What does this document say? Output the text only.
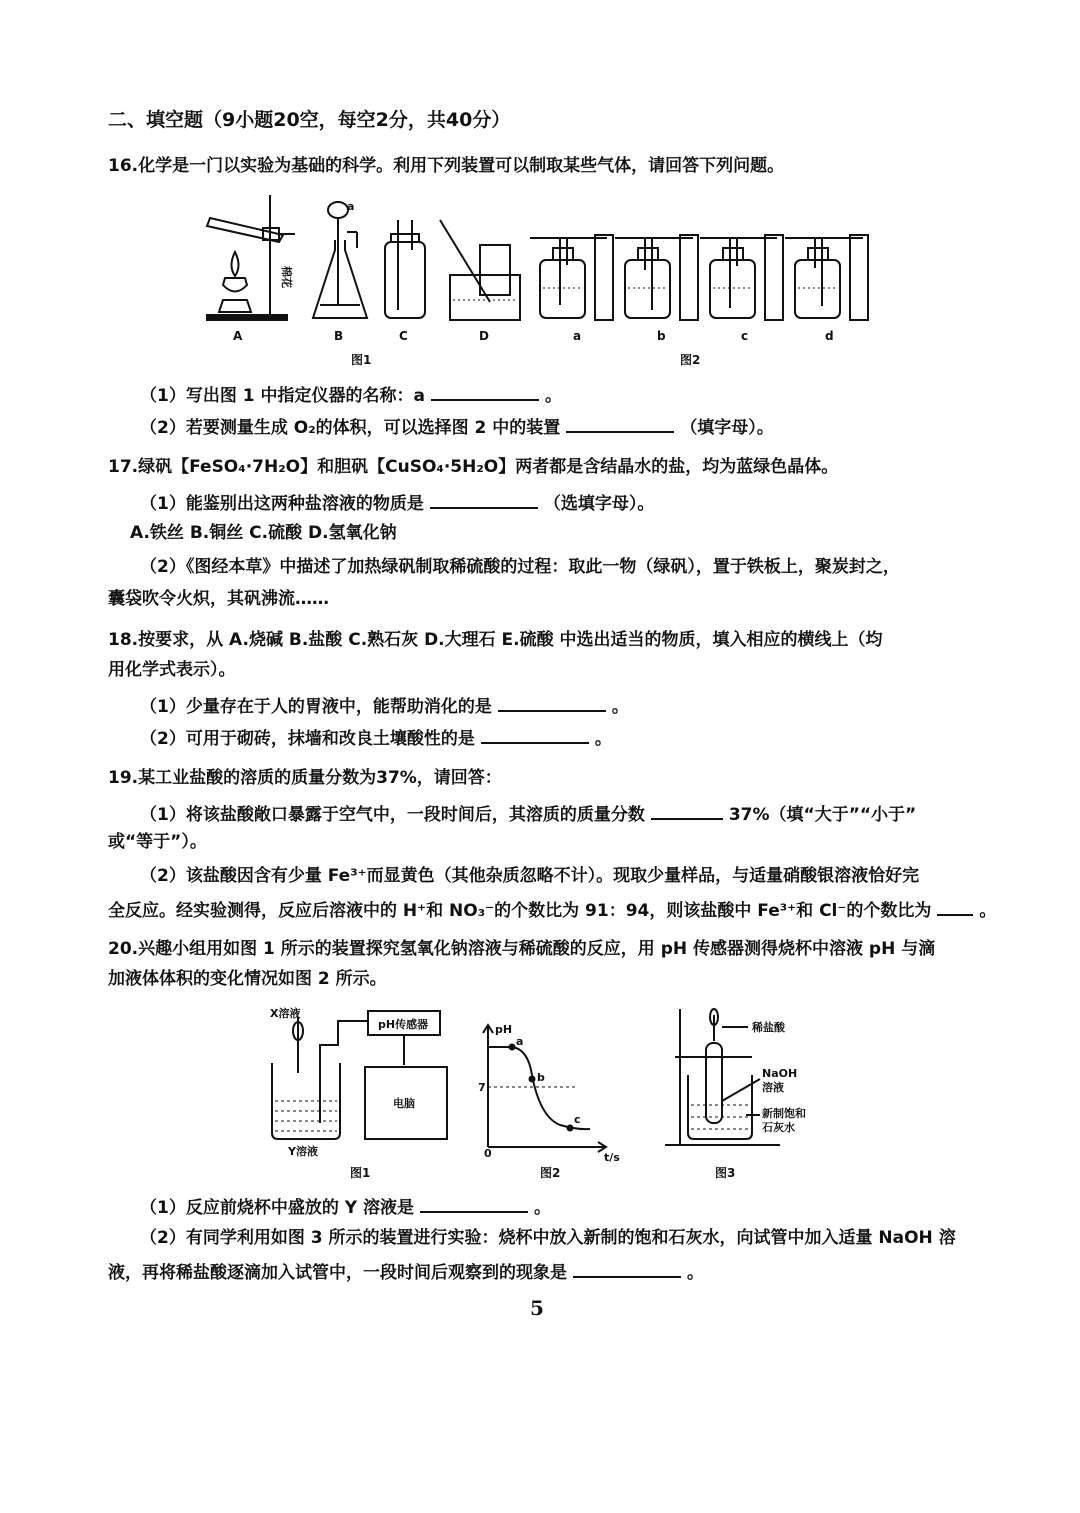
二、填空题（9小题20空，每空2分，共40分）
16.化学是一门以实验为基础的科学。利用下列装置可以制取某些气体，请回答下列问题。
a
棉花
A	B	C	D	a	b	c	d
图1	图2
（1）写出图 1 中指定仪器的名称：a	。
（2）若要测量生成 O₂的体积，可以选择图 2 中的装置	（填字母）。
17.绿矾【FeSO₄·7H₂O】和胆矾【CuSO₄·5H₂O】两者都是含结晶水的盐，均为蓝绿色晶体。
（1）能鉴别出这两种盐溶液的物质是	（选填字母）。
A.铁丝 B.铜丝 C.硫酸 D.氢氧化钠
（2）《图经本草》中描述了加热绿矾制取稀硫酸的过程：取此一物（绿矾），置于铁板上，聚炭封之，
囊袋吹令火炽，其矾沸流……
18.按要求，从 A.烧碱 B.盐酸 C.熟石灰 D.大理石 E.硫酸 中选出适当的物质，填入相应的横线上（均
用化学式表示）。
（1）少量存在于人的胃液中，能帮助消化的是	。
（2）可用于砌砖，抹墙和改良土壤酸性的是	。
19.某工业盐酸的溶质的质量分数为37%，请回答：
（1）将该盐酸敞口暴露于空气中，一段时间后，其溶质的质量分数	37%（填“大于”“小于”
或“等于”）。
（2）该盐酸因含有少量 Fe³⁺而显黄色（其他杂质忽略不计）。现取少量样品，与适量硝酸银溶液恰好完
全反应。经实验测得，反应后溶液中的 H⁺和 NO₃⁻的个数比为 91：94，则该盐酸中 Fe³⁺和 Cl⁻的个数比为	。
20.兴趣小组用如图 1 所示的装置探究氢氧化钠溶液与稀硫酸的反应，用 pH 传感器测得烧杯中溶液 pH 与滴
加液体体积的变化情况如图 2 所示。
X溶液
pH传感器
电脑
Y溶液
图1
pH
7
0	t/s
a
b
c
图2
稀盐酸
NaOH
溶液
新制饱和
石灰水
图3
（1）反应前烧杯中盛放的 Y 溶液是	。
（2）有同学利用如图 3 所示的装置进行实验：烧杯中放入新制的饱和石灰水，向试管中加入适量 NaOH 溶
液，再将稀盐酸逐滴加入试管中，一段时间后观察到的现象是	。
5
